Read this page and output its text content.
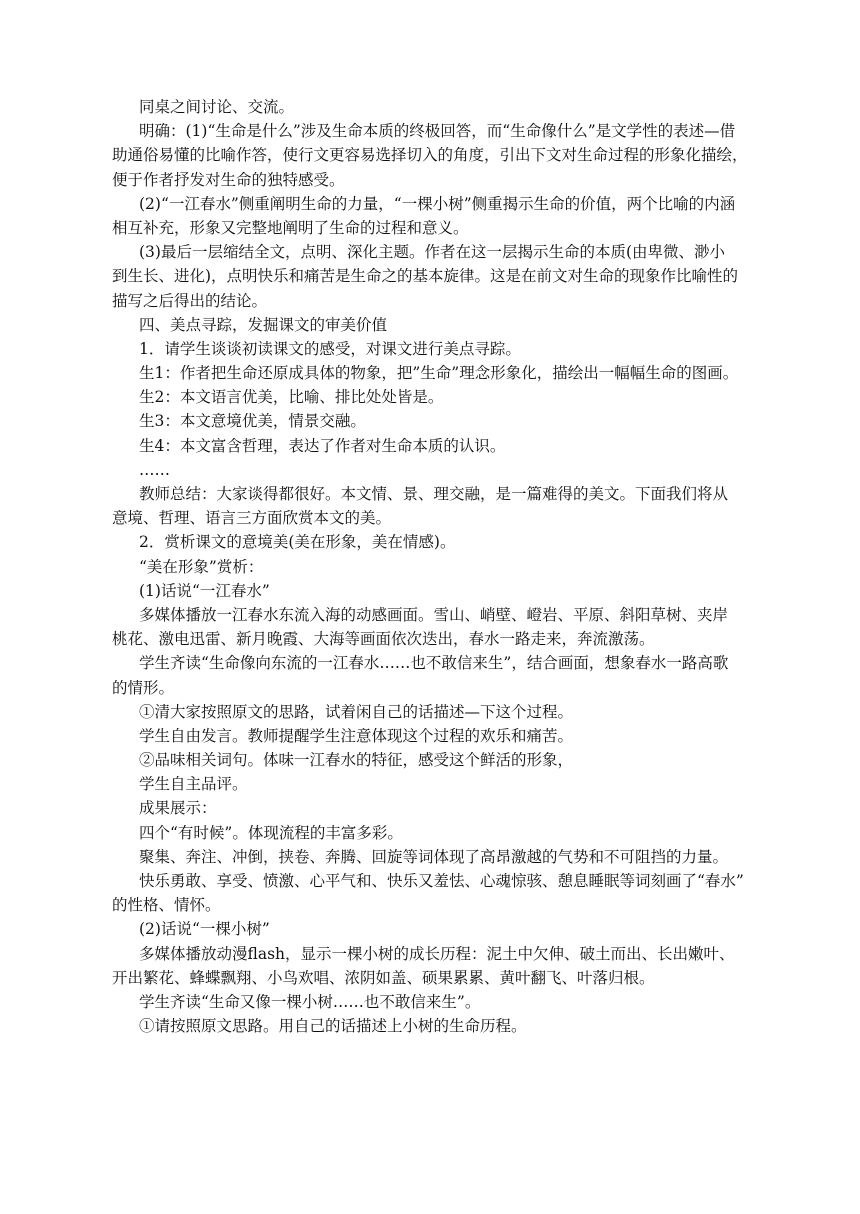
同桌之间讨论、交流。
明确：(1)“生命是什么”涉及生命本质的终极回答，而“生命像什么”是文学性的表述—借
助通俗易懂的比喻作答，使行文更容易选择切入的角度，引出下文对生命过程的形象化描绘，
便于作者抒发对生命的独特感受。
(2)“一江春水”侧重阐明生命的力量，“一棵小树”侧重揭示生命的价值，两个比喻的内涵
相互补充，形象又完整地阐明了生命的过程和意义。
(3)最后一层缩结全文，点明、深化主题。作者在这一层揭示生命的本质(由卑微、渺小
到生长、进化)，点明快乐和痛苦是生命之的基本旋律。这是在前文对生命的现象作比喻性的
描写之后得出的结论。
四、美点寻踪，发掘课文的审美价值
1．请学生谈谈初读课文的感受，对课文进行美点寻踪。
生1：作者把生命还原成具体的物象，把”生命”理念形象化，描绘出一幅幅生命的图画。
生2：本文语言优美，比喻、排比处处皆是。
生3：本文意境优美，情景交融。
生4：本文富含哲理，表达了作者对生命本质的认识。
……
教师总结：大家谈得都很好。本文情、景、理交融，是一篇难得的美文。下面我们将从
意境、哲理、语言三方面欣赏本文的美。
2．赏析课文的意境美(美在形象，美在情感)。
“美在形象”赏析：
(1)话说“一江春水”
多媒体播放一江春水东流入海的动感画面。雪山、峭壁、嶝岩、平原、斜阳草树、夹岸
桃花、激电迅雷、新月晚霞、大海等画面依次迭出，春水一路走来，奔流激荡。
学生齐读“生命像向东流的一江春水……也不敢信来生”，结合画面，想象春水一路高歌
的情形。
①清大家按照原文的思路，试着闲自己的话描述—下这个过程。
学生自由发言。教师提醒学生注意体现这个过程的欢乐和痛苦。
②品味相关词句。体味一江春水的特征，感受这个鲜活的形象，
学生自主品评。
成果展示：
四个“有时候”。体现流程的丰富多彩。
聚集、奔注、冲倒，挟卷、奔腾、回旋等词体现了高昂激越的气势和不可阻挡的力量。
快乐勇敢、享受、愤激、心平气和、快乐又羞怯、心魂惊骇、憩息睡眠等词刻画了“春水”
的性格、情怀。
(2)话说“一棵小树”
多媒体播放动漫flash，显示一棵小树的成长历程：泥土中欠伸、破土而出、长出嫩叶、
开出繁花、蜂蝶飘翔、小鸟欢唱、浓阴如盖、硕果累累、黄叶翻飞、叶落归根。
学生齐读“生命又像一棵小树……也不敢信来生”。
①请按照原文思路。用自己的话描述上小树的生命历程。
